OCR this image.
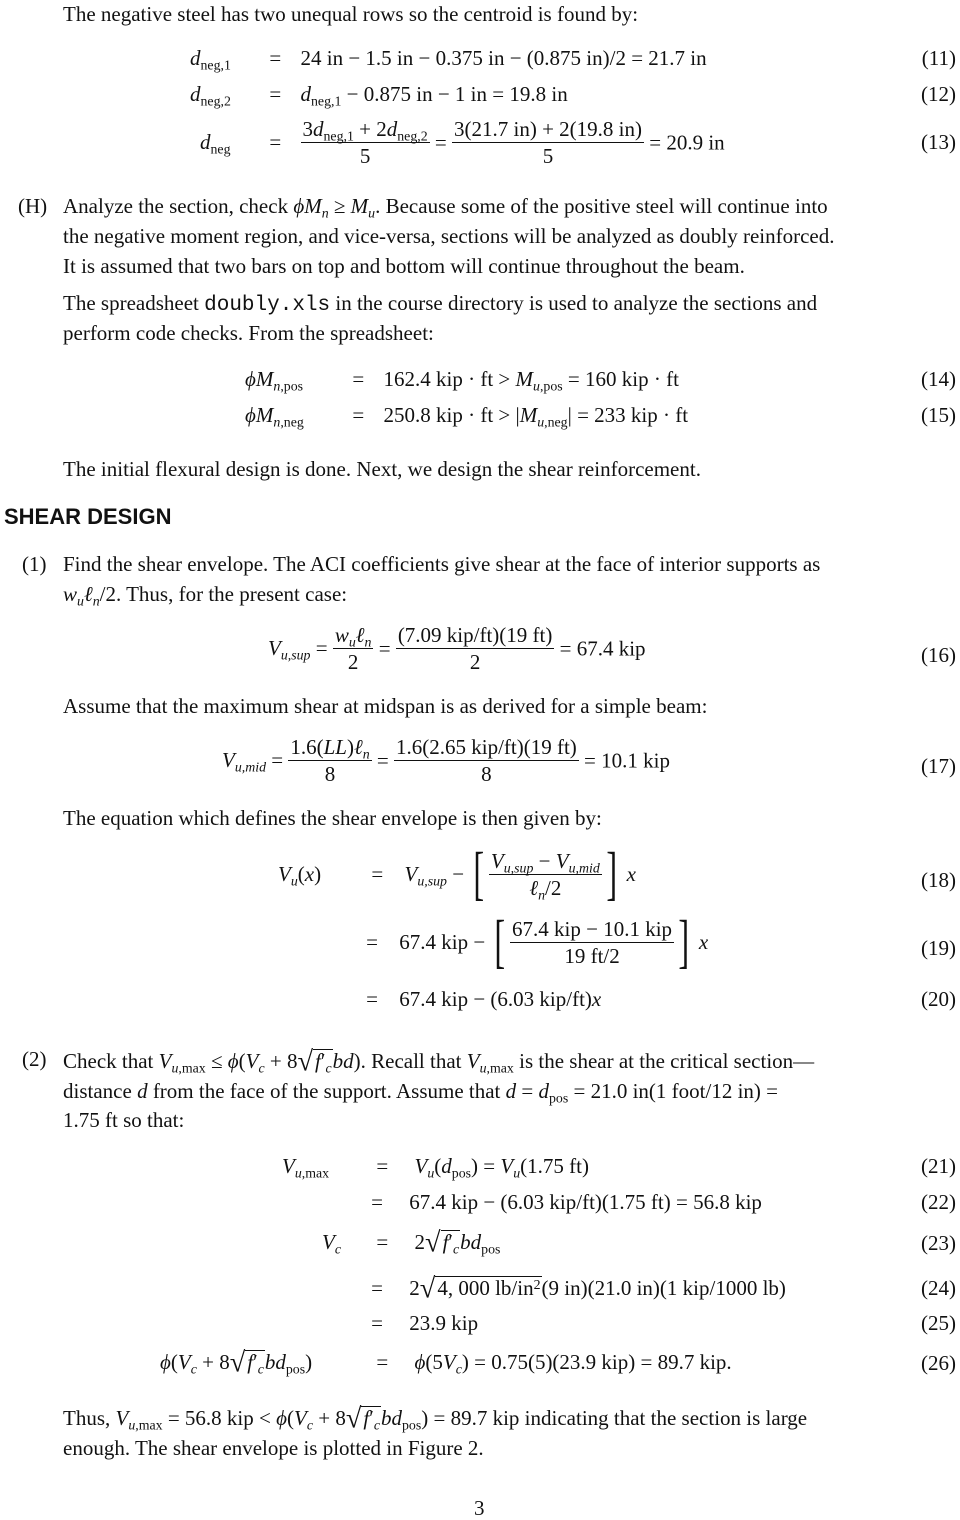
The negative steel has two unequal rows so the centroid is found by:
$d_{neg,1} = 24$ in − 1.5 in − 0.375 in − (0.875 in)/2 = 21.7 in	(11)
$d_{neg,2} = d_{neg,1} - 0.875$ in − 1 in = 19.8 in	(12)
$d_{neg} = \frac{3d_{neg,1} + 2d_{neg,2}}{5} = \frac{3(21.7 in) + 2(19.8 in)}{5} = 20.9$ in	(13)
(H) Analyze the section, check $\phi M_n \ge M_u$. Because some of the positive steel will continue into
the negative moment region, and vice-versa, sections will be analyzed as doubly reinforced.
It is assumed that two bars on top and bottom will continue throughout the beam.
The spreadsheet doubly.xls in the course directory is used to analyze the sections and
perform code checks. From the spreadsheet:
$\phi M_{n,pos} = 162.4$ kip · ft > $M_{u,pos} = 160$ kip · ft	(14)
$\phi M_{n,neg} = 250.8$ kip · ft > $|M_{u,neg}| = 233$ kip · ft	(15)
The initial flexural design is done. Next, we design the shear reinforcement.
SHEAR DESIGN
(1) Find the shear envelope. The ACI coefficients give shear at the face of interior supports as
$w_u\ell_n/2$. Thus, for the present case:
$V_{u,sup} = \frac{w_u\ell_n}{2} = \frac{\text{(7.09 kip/ft)(19 ft)}}{2} = 67.4$ kip	(16)
Assume that the maximum shear at midspan is as derived for a simple beam:
$V_{u,mid} = \frac{1.6(LL)\ell_n}{8} = \frac{\text{1.6(2.65 kip/ft)(19 ft)}}{8} = 10.1$ kip	(17)
The equation which defines the shear envelope is then given by:
$V_u(x) = V_{u,sup}$ − [ $\frac{V_{u,sup} - V_{u,mid}}{\ell_n/2}$ ] x	(18)
= 67.4 kip − [ $\frac{\text{67.4 kip − 10.1 kip}}{19 ft/2}$ ] x	(19)
= 67.4 kip − (6.03 kip/ft)x	(20)
(2) Check that $V_{u,max} \le \phi(V_c + 8√f'_cbd)$. Recall that $V_{u,max}$ is the shear at the critical section—
distance d from the face of the support. Assume that $d = d_{pos} = 21.0$ in(1 foot/12 in) =
1.75 ft so that:
$V_{u,max} = V_u(d_{pos}) = V_u(1.75$ ft)	(21)
= 67.4 kip − (6.03 kip/ft)(1.75 ft) = 56.8 kip	(22)
$V_c = 2√f'_cbd_{pos}$	(23)
= 2√4, 000 $lb/in^2(9$ in)(21.0 in)(1 kip/1000 lb)	(24)
= 23.9 kip	(25)
$\phi(V_c + 8√f'_cbd_{pos})$	= $\phi(5V_c) = 0.75(5)(23.9$ kip) = 89.7 kip.	(26)
Thus, $V_{u,max} = 56.8$ kip < $\phi(V_c + 8√f'_cbd_{pos}) = 89.7$ kip indicating that the section is large
enough. The shear envelope is plotted in Figure 2.
3
